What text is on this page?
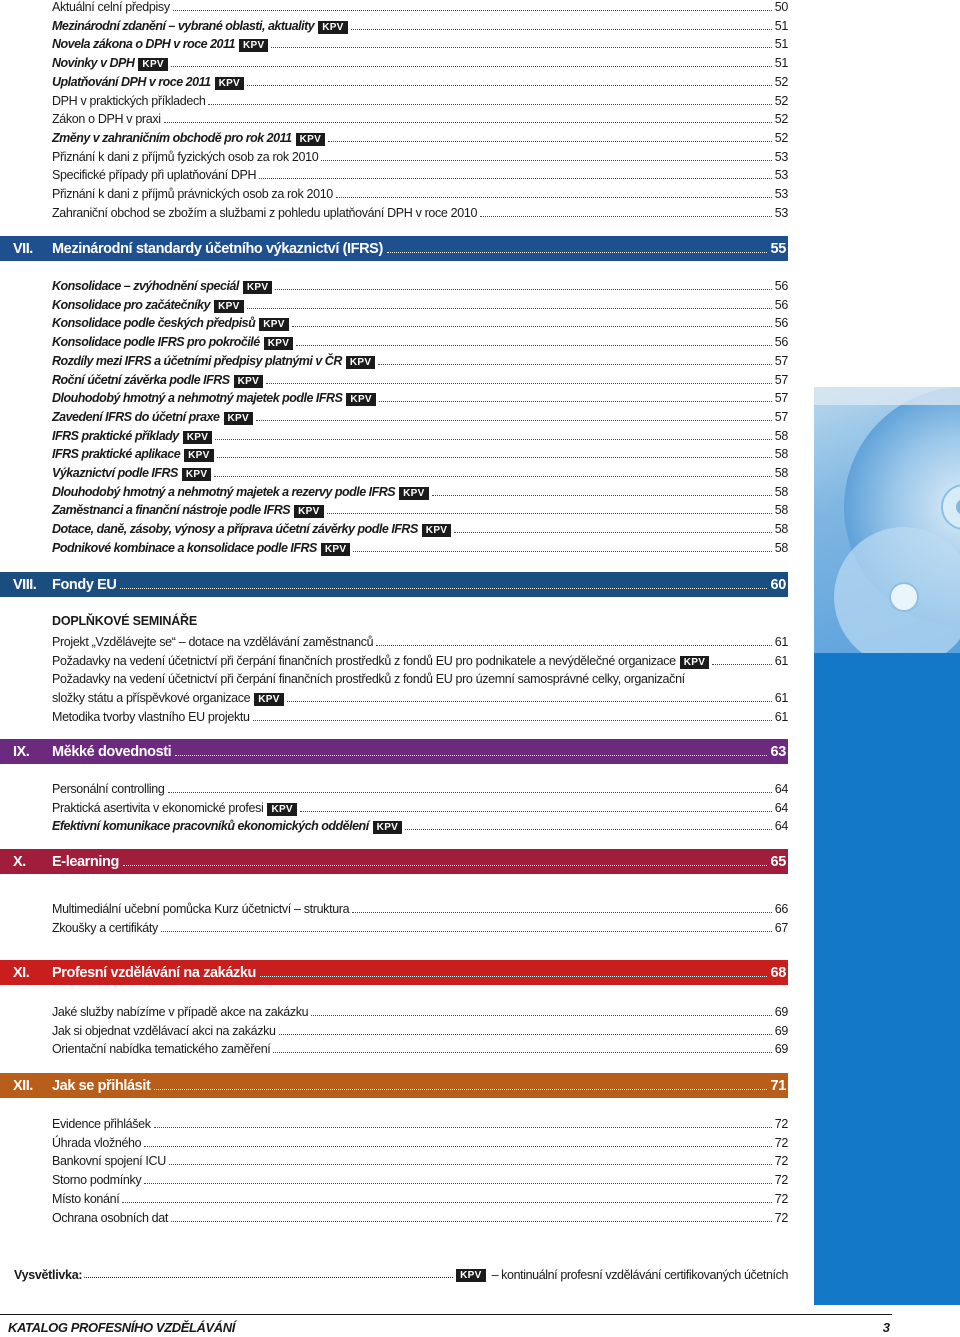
Aktuální celní předpisy	50
Mezinárodní zdanění – vybrané oblasti, aktuality KPV	51
Novela zákona o DPH v roce 2011 KPV	51
Novinky v DPH KPV	51
Uplatňování DPH v roce 2011 KPV	52
DPH v praktických příkladech	52
Zákon o DPH v praxi	52
Změny v zahraničním obchodě pro rok 2011 KPV	52
Přiznání k dani z příjmů fyzických osob za rok 2010	53
Specifické případy při uplatňování DPH	53
Přiznání k dani z příjmů právnických osob za rok 2010	53
Zahraniční obchod se zbožím a službami z pohledu uplatňování DPH v roce 2010	53
VII.	Mezinárodní standardy účetního výkaznictví (IFRS)	55
Konsolidace – zvýhodnění speciál KPV	56
Konsolidace pro začátečníky KPV	56
Konsolidace podle českých předpisů KPV	56
Konsolidace podle IFRS pro pokročilé KPV	56
Rozdíly mezi IFRS a účetními předpisy platnými v ČR KPV	57
Roční účetní závěrka podle IFRS KPV	57
Dlouhodobý hmotný a nehmotný majetek podle IFRS KPV	57
Zavedení IFRS do účetní praxe KPV	57
IFRS praktické příklady KPV	58
IFRS praktické aplikace KPV	58
Výkaznictví podle IFRS KPV	58
Dlouhodobý hmotný a nehmotný majetek a rezervy podle IFRS KPV	58
Zaměstnanci a finanční nástroje podle IFRS KPV	58
Dotace, daně, zásoby, výnosy a příprava účetní závěrky podle IFRS KPV	58
Podnikové kombinace a konsolidace podle IFRS KPV	58
VIII.	Fondy EU	60
DOPLŇKOVÉ SEMINÁŘE
Projekt „Vzdělávejte se“ – dotace na vzdělávání zaměstnanců	61
Požadavky na vedení účetnictví při čerpání finančních prostředků z fondů EU pro podnikatele a nevýdělečné organizace KPV	61
Požadavky na vedení účetnictví při čerpání finančních prostředků z fondů EU pro územní samosprávné celky, organizační
složky státu a příspěvkové organizace KPV	61
Metodika tvorby vlastního EU projektu	61
IX.	Měkké dovednosti	63
Personální controlling	64
Praktická asertivita v ekonomické profesi KPV	64
Efektivní komunikace pracovníků ekonomických oddělení KPV	64
X.	E-learning	65
Multimediální učební pomůcka Kurz účetnictví – struktura	66
Zkoušky a certifikáty	67
XI.	Profesní vzdělávání na zakázku	68
Jaké služby nabízíme v případě akce na zakázku	69
Jak si objednat vzdělávací akci na zakázku	69
Orientační nabídka tematického zaměření	69
XII.	Jak se přihlásit	71
Evidence přihlášek	72
Úhrada vložného	72
Bankovní spojení ICU	72
Storno podmínky	72
Místo konání	72
Ochrana osobních dat	72
Vysvětlivka:	KPV – kontinuální profesní vzdělávání certifikovaných účetních
KATALOG PROFESNÍHO VZDĚLÁVÁNÍ	3
